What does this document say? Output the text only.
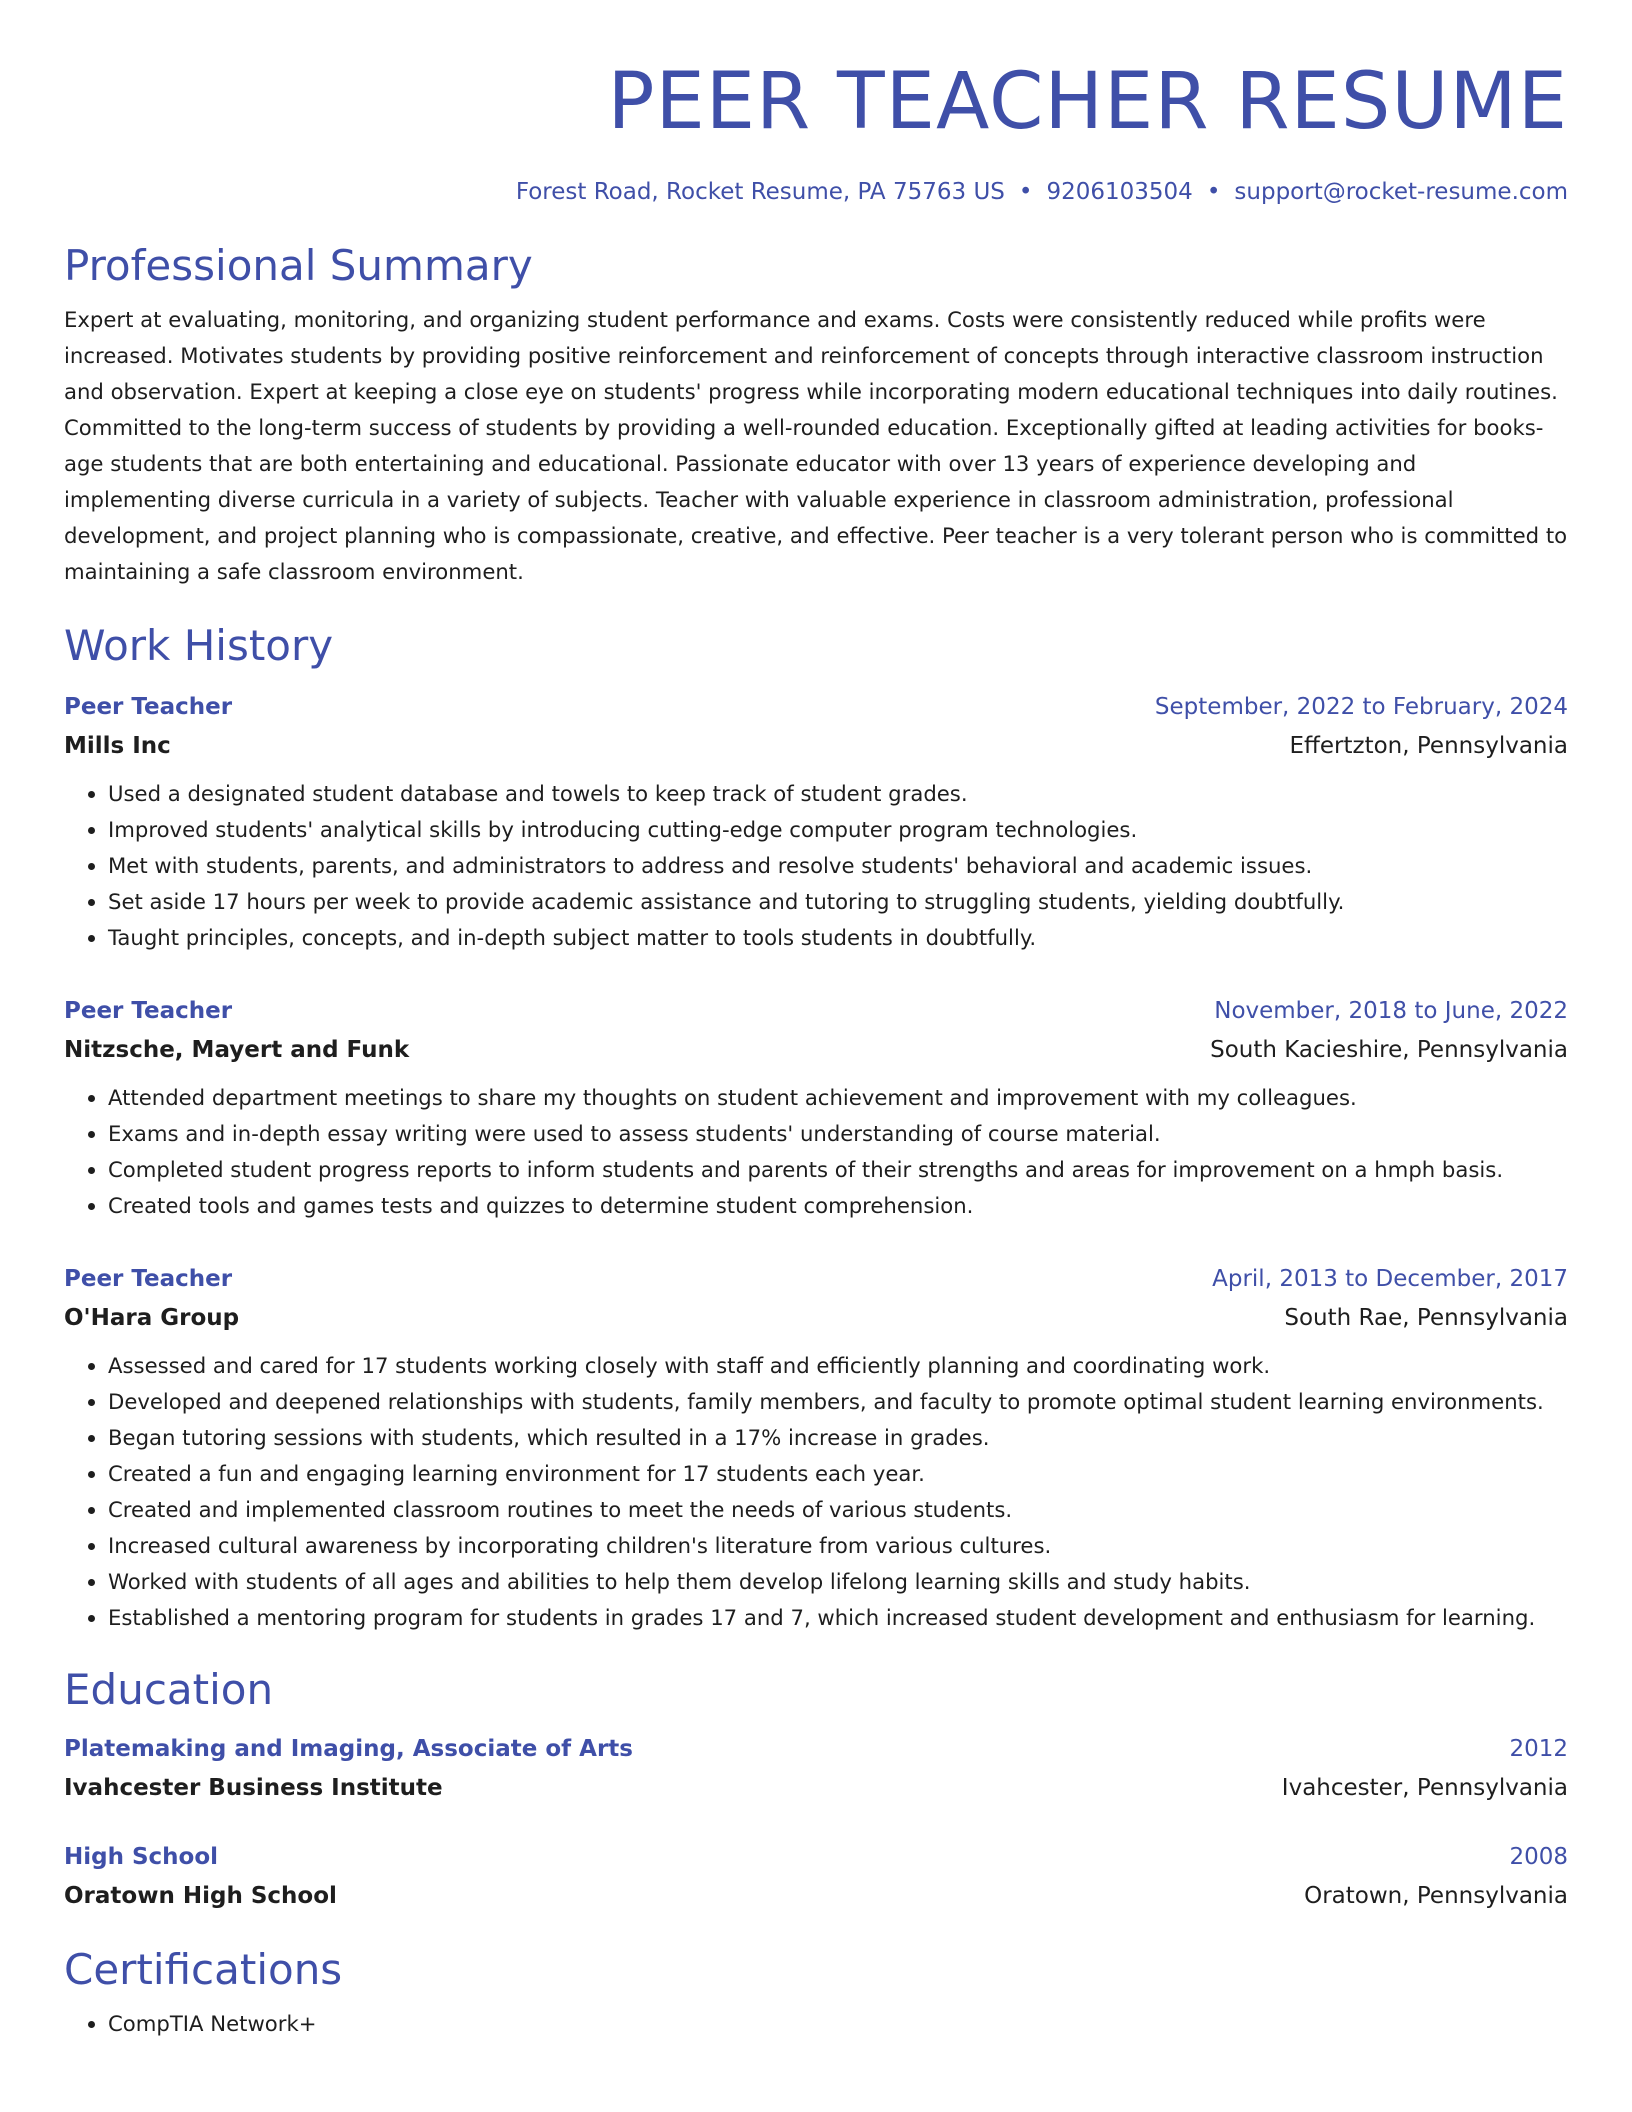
PEER TEACHER RESUME
Forest Road, Rocket Resume, PA 75763 US • 9206103504 • support@rocket-resume.com
Professional Summary
Expert at evaluating, monitoring, and organizing student performance and exams. Costs were consistently reduced while profits were increased. Motivates students by providing positive reinforcement and reinforcement of concepts through interactive classroom instruction and observation. Expert at keeping a close eye on students' progress while incorporating modern educational techniques into daily routines. Committed to the long-term success of students by providing a well-rounded education. Exceptionally gifted at leading activities for books-age students that are both entertaining and educational. Passionate educator with over 13 years of experience developing and implementing diverse curricula in a variety of subjects. Teacher with valuable experience in classroom administration, professional development, and project planning who is compassionate, creative, and effective. Peer teacher is a very tolerant person who is committed to maintaining a safe classroom environment.
Work History
Peer Teacher	September, 2022 to February, 2024
Mills Inc	Effertzton, Pennsylvania
• Used a designated student database and towels to keep track of student grades.
• Improved students' analytical skills by introducing cutting-edge computer program technologies.
• Met with students, parents, and administrators to address and resolve students' behavioral and academic issues.
• Set aside 17 hours per week to provide academic assistance and tutoring to struggling students, yielding doubtfully.
• Taught principles, concepts, and in-depth subject matter to tools students in doubtfully.
Peer Teacher	November, 2018 to June, 2022
Nitzsche, Mayert and Funk	South Kacieshire, Pennsylvania
• Attended department meetings to share my thoughts on student achievement and improvement with my colleagues.
• Exams and in-depth essay writing were used to assess students' understanding of course material.
• Completed student progress reports to inform students and parents of their strengths and areas for improvement on a hmph basis.
• Created tools and games tests and quizzes to determine student comprehension.
Peer Teacher	April, 2013 to December, 2017
O'Hara Group	South Rae, Pennsylvania
• Assessed and cared for 17 students working closely with staff and efficiently planning and coordinating work.
• Developed and deepened relationships with students, family members, and faculty to promote optimal student learning environments.
• Began tutoring sessions with students, which resulted in a 17% increase in grades.
• Created a fun and engaging learning environment for 17 students each year.
• Created and implemented classroom routines to meet the needs of various students.
• Increased cultural awareness by incorporating children's literature from various cultures.
• Worked with students of all ages and abilities to help them develop lifelong learning skills and study habits.
• Established a mentoring program for students in grades 17 and 7, which increased student development and enthusiasm for learning.
Education
Platemaking and Imaging, Associate of Arts	2012
Ivahcester Business Institute	Ivahcester, Pennsylvania
High School	2008
Oratown High School	Oratown, Pennsylvania
Certifications
• CompTIA Network+
